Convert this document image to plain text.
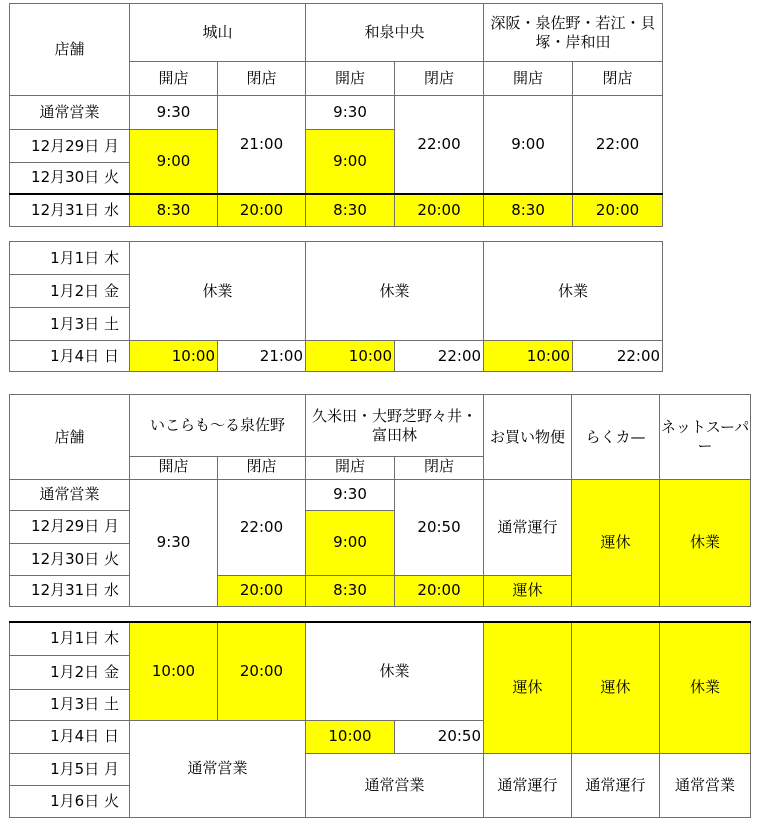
店舗	城山		和泉中央		深阪・泉佐野・若江・貝塚・岸和田	
	開店	閉店	開店	閉店	開店	閉店
通常営業	9:30	21:00	9:30	22:00	9:00	22:00
12月29日 月	9:00		9:00			
12月30日 火						
12月31日 水	8:30	20:00	8:30	20:00	8:30	20:00
1月1日 木	休業		休業		休業	
1月2日 金						
1月3日 土						
1月4日 日	10:00	21:00	10:00	22:00	10:00	22:00
店舗	いこらも〜る泉佐野		久米田・大野芝野々井・富田林		お買い物便	らくカ—	ネットスーパー
	開店	閉店	開店	閉店			
通常営業	9:30	22:00	9:30	20:50	通常運行	運休	休業
12月29日 月			9:00				
12月30日 火							
12月31日 水		20:00	8:30	20:00	運休		
1月1日 木	10:00	20:00	休業		運休	運休	休業
1月2日 金							
1月3日 土							
1月4日 日	通常営業		10:00	20:50			
1月5日 月			通常営業		通常運行	通常運行	通常営業
1月6日 火							
